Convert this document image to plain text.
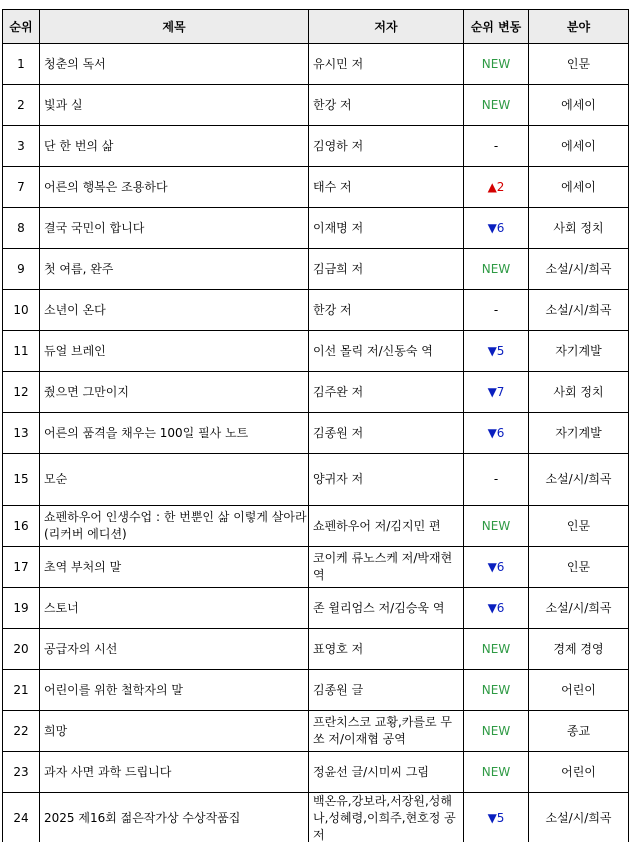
순위	제목	저자	순위 변동	분야
1	청춘의 독서	유시민 저	NEW	인문
2	빛과 실	한강 저	NEW	에세이
3	단 한 번의 삶	김영하 저	-	에세이
7	어른의 행복은 조용하다	태수 저	▲2	에세이
8	결국 국민이 합니다	이재명 저	▼6	사회 정치
9	첫 여름, 완주	김금희 저	NEW	소설/시/희곡
10	소년이 온다	한강 저	-	소설/시/희곡
11	듀얼 브레인	이선 몰릭 저/신동숙 역	▼5	자기계발
12	줬으면 그만이지	김주완 저	▼7	사회 정치
13	어른의 품격을 채우는 100일 필사 노트	김종원 저	▼6	자기계발
15	모순	양귀자 저	-	소설/시/희곡
16	쇼펜하우어 인생수업 : 한 번뿐인 삶 이렇게 살아라 (리커버 에디션)	쇼펜하우어 저/김지민 편	NEW	인문
17	초역 부처의 말	코이케 류노스케 저/박재현 역	▼6	인문
19	스토너	존 윌리엄스 저/김승욱 역	▼6	소설/시/희곡
20	공급자의 시선	표영호 저	NEW	경제 경영
21	어린이를 위한 철학자의 말	김종원 글	NEW	어린이
22	희망	프란치스코 교황,카를로 무쏘 저/이재협 공역	NEW	종교
23	과자 사면 과학 드립니다	정윤선 글/시미씨 그림	NEW	어린이
24	2025 제16회 젊은작가상 수상작품집	백온유,강보라,서장원,성해나,성혜령,이희주,현호정 공저	▼5	소설/시/희곡
